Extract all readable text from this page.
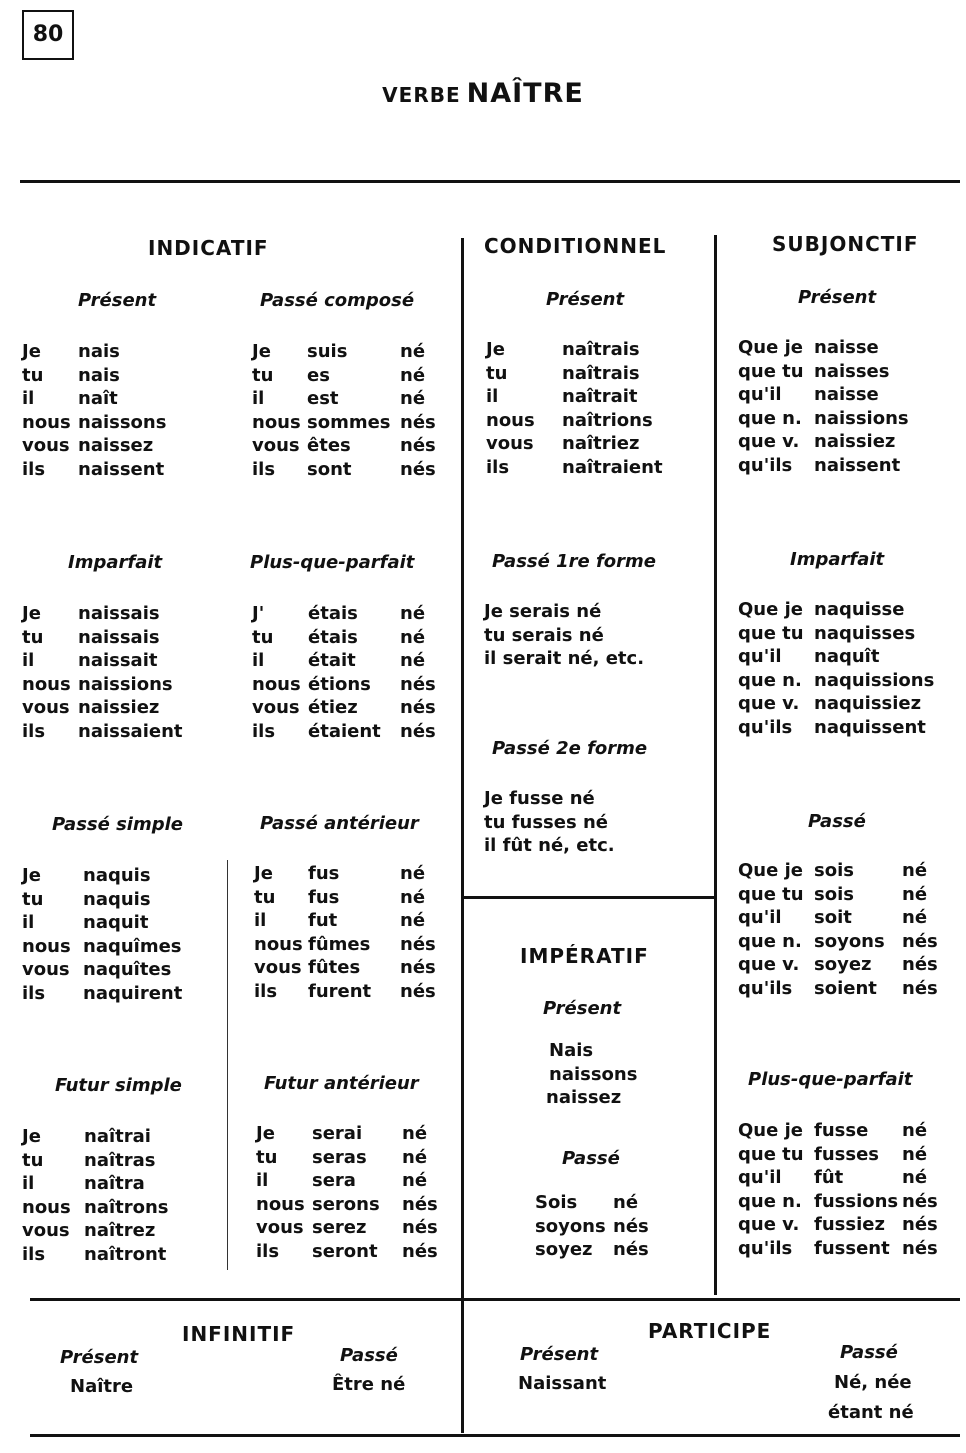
80
VERBE NAÎTRE
INDICATIF	CONDITIONNEL	SUBJONCTIF
IMPÉRATIF
INFINITIF	PARTICIPE
Présent	Passé composé
Imparfait	Plus-que-parfait
Passé simple	Passé antérieur
Futur simple	Futur antérieur
Présent
Passé 1re forme
Passé 2e forme
Présent
Imparfait
Passé
Plus-que-parfait
Présent
Passé
Présent	Passé	Présent	Passé
Naître	Être né	Naissant	Né, née
étant né
Je nais
tu nais
il naît
nous naissons
vous naissez
ils naissent
Je suis	né
tu es	né
il est	né
nous sommes nés
vous êtes	nés
ils sont	nés
Je naissais
tu naissais
il naissait
nous naissions
vous naissiez
ils naissaient
J' étais né
tu étais né
il était né
nous étions nés
vous étiez nés
ils étaient nés
Je naquis
tu naquis
il	naquit
nous naquîmes
vous naquîtes
ils naquirent
Je fus	né
tu fus	né
il fut	né
nous fûmes nés
vous fûtes nés
ils furent nés
Je naîtrai
tu naîtras
il	naîtra
nous naîtrons
vous naîtrez
ils naîtront
Je serai né
tu seras né
il sera	né
nous serons nés
vous serez nés
ils seront nés
Je	naîtrais
tu	naîtrais
il	naîtrait
nous naîtrions
vous naîtriez
ils	naîtraient
Que je naisse
que tu naisses
qu'il naisse
que n. naissions
que v. naissiez
qu'ils naissent
Que je naquisse
que tu naquisses
qu'il naquît
que n. naquissions
que v. naquissiez
qu'ils naquissent
Que je sois	né
que tu sois	né
qu'il soit	né
que n. soyons nés
que v. soyez nés
qu'ils soient nés
Que je fusse né
que tu fusses né
qu'il fût	né
que n. fussions nés
que v. fussiez nés
qu'ils fussent nés
Sois né
soyons nés
soyez nés
Je serais né
tu serais né
il serait né, etc.
Je fusse né
tu fusses né
il fût né, etc.
Nais
naissons
naissez
